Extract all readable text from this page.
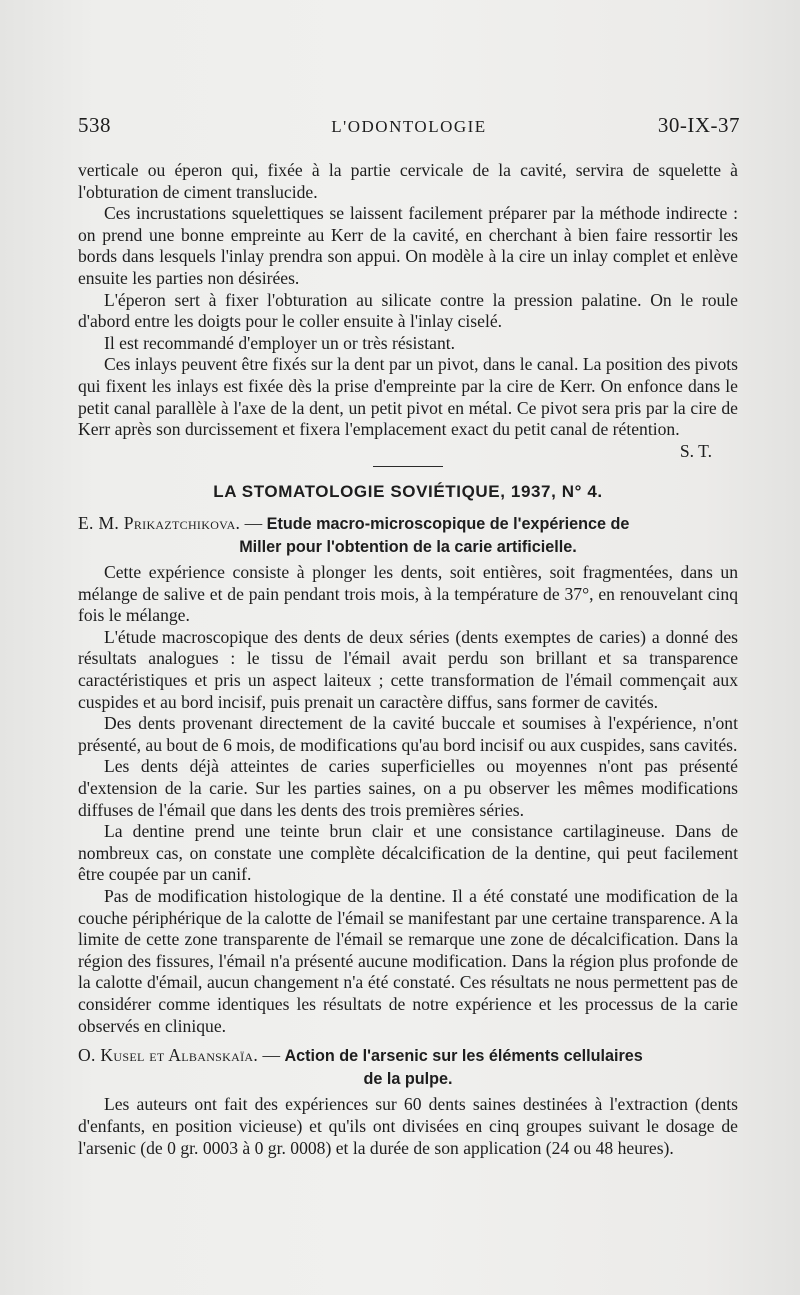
538	L'ODONTOLOGIE	30-IX-37

verticale ou éperon qui, fixée à la partie cervicale de la cavité, servira de squelette à l'obturation de ciment translucide.

Ces incrustations squelettiques se laissent facilement préparer par la méthode indirecte : on prend une bonne empreinte au Kerr de la cavité, en cherchant à bien faire ressortir les bords dans lesquels l'inlay prendra son appui. On modèle à la cire un inlay complet et enlève ensuite les parties non désirées.

L'éperon sert à fixer l'obturation au silicate contre la pression palatine. On le roule d'abord entre les doigts pour le coller ensuite à l'inlay ciselé.

Il est recommandé d'employer un or très résistant.

Ces inlays peuvent être fixés sur la dent par un pivot, dans le canal. La position des pivots qui fixent les inlays est fixée dès la prise d'empreinte par la cire de Kerr. On enfonce dans le petit canal parallèle à l'axe de la dent, un petit pivot en métal. Ce pivot sera pris par la cire de Kerr après son durcissement et fixera l'emplacement exact du petit canal de rétention.

S. T.

LA STOMATOLOGIE SOVIÉTIQUE, 1937, N° 4.

E. M. Prikaztchikova. — Etude macro-microscopique de l'expérience de

Miller pour l'obtention de la carie artificielle.

Cette expérience consiste à plonger les dents, soit entières, soit fragmentées, dans un mélange de salive et de pain pendant trois mois, à la température de 37°, en renouvelant cinq fois le mélange.

L'étude macroscopique des dents de deux séries (dents exemptes de caries) a donné des résultats analogues : le tissu de l'émail avait perdu son brillant et sa transparence caractéristiques et pris un aspect laiteux ; cette transformation de l'émail commençait aux cuspides et au bord incisif, puis prenait un caractère diffus, sans former de cavités.

Des dents provenant directement de la cavité buccale et soumises à l'expérience, n'ont présenté, au bout de 6 mois, de modifications qu'au bord incisif ou aux cuspides, sans cavités.

Les dents déjà atteintes de caries superficielles ou moyennes n'ont pas présenté d'extension de la carie. Sur les parties saines, on a pu observer les mêmes modifications diffuses de l'émail que dans les dents des trois premières séries.

La dentine prend une teinte brun clair et une consistance cartilagineuse. Dans de nombreux cas, on constate une complète décalcification de la dentine, qui peut facilement être coupée par un canif.

Pas de modification histologique de la dentine. Il a été constaté une modification de la couche périphérique de la calotte de l'émail se manifestant par une certaine transparence. A la limite de cette zone transparente de l'émail se remarque une zone de décalcification. Dans la région des fissures, l'émail n'a présenté aucune modification. Dans la région plus profonde de la calotte d'émail, aucun changement n'a été constaté. Ces résultats ne nous permettent pas de considérer comme identiques les résultats de notre expérience et les processus de la carie observés en clinique.

O. Kusel et Albanskaïa. — Action de l'arsenic sur les éléments cellulaires

de la pulpe.

Les auteurs ont fait des expériences sur 60 dents saines destinées à l'extraction (dents d'enfants, en position vicieuse) et qu'ils ont divisées en cinq groupes suivant le dosage de l'arsenic (de 0 gr. 0003 à 0 gr. 0008) et la durée de son application (24 ou 48 heures).
